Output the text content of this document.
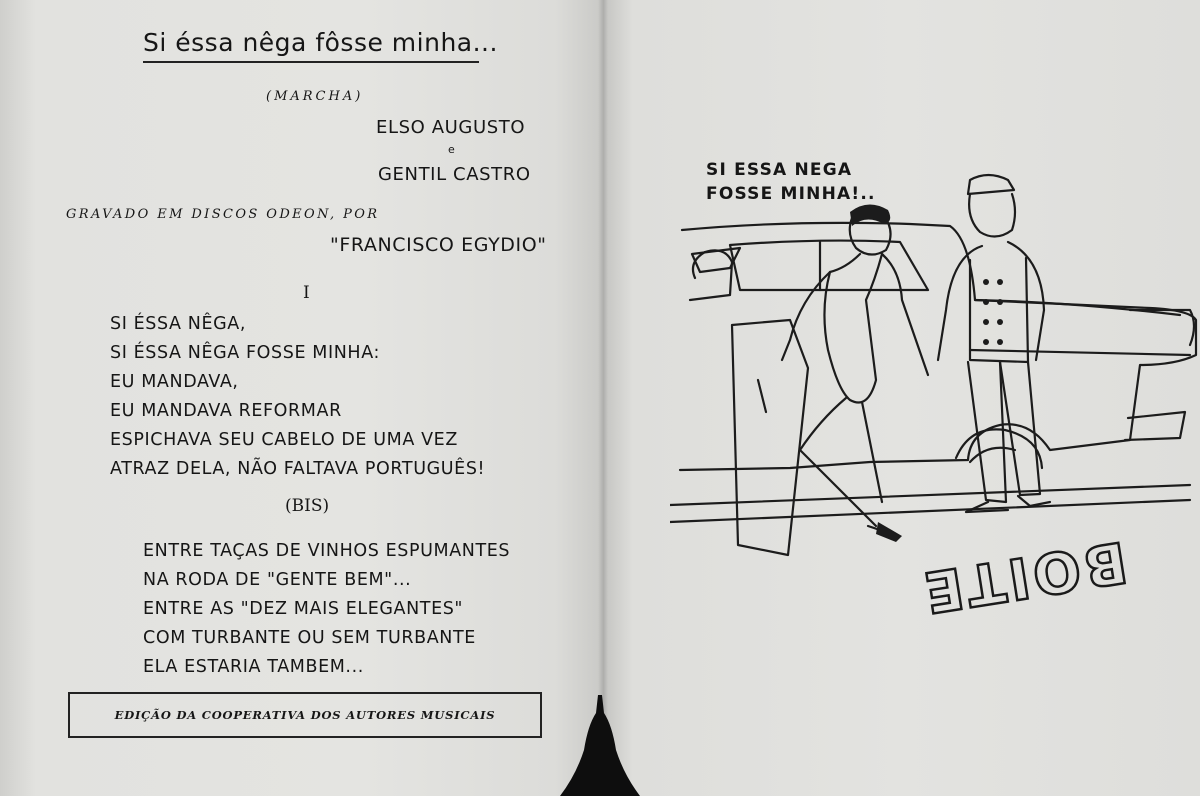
Si éssa nêga fôsse minha...
(MARCHA)
ELSO AUGUSTO
e
GENTIL CASTRO
GRAVADO EM DISCOS ODEON, POR
"FRANCISCO EGYDIO"
I
SI ÉSSA NÊGA,
SI ÉSSA NÊGA FOSSE MINHA:
EU MANDAVA,
EU MANDAVA REFORMAR
ESPICHAVA SEU CABELO DE UMA VEZ
ATRAZ DELA, NÃO FALTAVA PORTUGUÊS!
(BIS)
ENTRE TAÇAS DE VINHOS ESPUMANTES
NA RODA DE "GENTE BEM"...
ENTRE AS "DEZ MAIS ELEGANTES"
COM TURBANTE OU SEM TURBANTE
ELA ESTARIA TAMBEM...
EDIÇÃO DA COOPERATIVA DOS AUTORES MUSICAIS

SI ESSA NEGA
FOSSE MINHA!..

BOITE
